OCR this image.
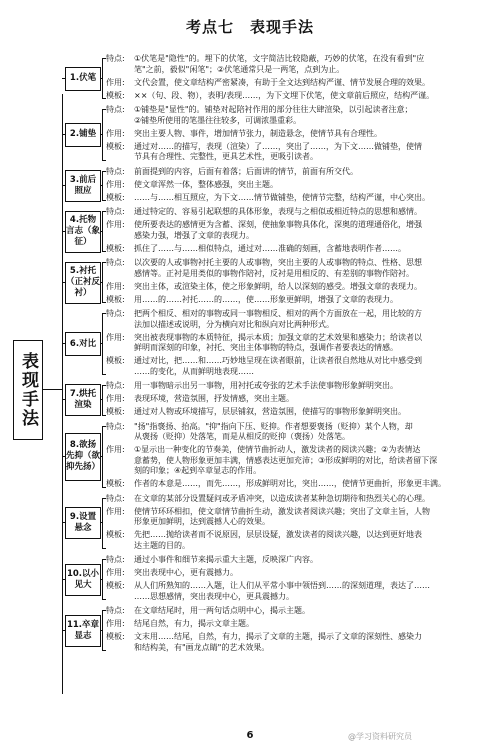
考点七　表现手法
表现手法
1.伏笔
特点 : ①伏笔是"隐性"的。埋下的伏笔，文字简洁比较隐蔽，巧妙的伏笔，在没有看到"应
笔"之前，毅似"闲笔"；②伏笔通常只是一两笔，点到为止。
作用 : 文代会置，使文章结构严密紧凑，有助于全文达到结构严谨、情节发展合理的效果。
模板 : ××（句、段、物），表明/表现……，为下文埋下伏笔，使文章前后照应，结构严谨。
2.铺垫
特点 : ①铺垫是"显性"的。铺垫对起陪衬作用的部分往往大肆渲染，以引起读者注意；
②铺垫所使用的笔墨往往较多，可调浓墨重彩。
作用 : 突出主要人物、事件，增加情节张力，制造悬念，使情节具有合理性。
模板 : 通过对……的描写，表现（渲染）了……，突出了……，为下文……做铺垫，使情
节具有合理性、完整性，更具艺术性，更吸引读者。
3.前后照应
特点 : 前面提到的内容，后面有着落；后面讲的情节，前面有所交代。
作用 : 使文章浑然一体，整体感强，突出主题。
模板 : ……与……相互照应，为下文……情节做铺垫，使情节完整，结构严谨，中心突出。
4.托物言志（象征）
特点 : 通过特定的、容易引起联想的具体形象，表现与之相似或相近特点的思想和感情。
作用 : 使所要表达的感情更为含蓄、深刻，使抽象事物具体化，深奥的道理通俗化，增强
感染力强，增强了文章的表现力。
模板 : 抓住了……与……相似特点，通过对……准确的刻画，含蓄地表明作者……。
5.衬托（正衬反衬）
特点 : 以次要的人或事物衬托主要的人或事物，突出主要的人或事物的特点、性格、思想
感情等。正衬是用类似的事物作陪衬，反衬是用相反的、有差别的事物作陪衬。
作用 : 突出主体，或渲染主体，使之形象鲜明，给人以深刻的感受。增强文章的表现力。
模板 : 用……的……衬托……的……，使……形象更鲜明，增强了文章的表现力。
6.对比
特点 : 把两个相反、相对的事物或同一事物相反、相对的两个方面放在一起，用比较的方
法加以描述或说明，分为横向对比和纵向对比两种形式。
作用 : 突出被表现事物的本质特征，揭示本质；加强文章的艺术效果和感染力；给读者以
鲜明而深刻的印象，衬托、突出主体事物的特点，强调作者要表达的情感。
模板 : 通过对比，把……和……巧妙地呈现在读者眼前，让读者很自然地从对比中感受到
……的变化，从而鲜明地表现……
7.烘托渲染
特点 : 用一事物暗示出另一事物，用衬托或夸张的艺术手法使事物形象鲜明突出。
作用 : 表现环境，营造氛围，抒发情感，突出主题。
模板 : 通过对人物或环境描写，层层铺叙，营造氛围，使描写的事物形象鲜明突出。
8.欲扬先抑（欲抑先扬）
特点 : "扬"指褒扬、抬高。"抑"指向下压、贬抑。作者想要褒扬（贬抑）某个人物，却
从褒扬（贬抑）处落笔，而是从相反的贬抑（褒扬）处落笔。
作用 : ①显示出一种变化的节奏美，使情节曲折动人，激发读者的阅读兴趣；②为表情达
意蓄势，使人物形象更加丰满，情感表达更加充沛；③形成鲜明的对比，给读者留下深
刻的印象；④起到卒章显志的作用。
模板 : 作者的本意是……，而先……，形成鲜明对比，突出……，使情节更曲折，形象更丰满。
9.设置悬念
特点 : 在文章的某部分设置疑问或矛盾冲突，以造成读者某种急切期待和热烈关心的心理。
作用 : 使情节环环相扣，使文章情节曲折生动，激发读者阅读兴趣；突出了文章主旨，人物
形象更加鲜明，达到震撼人心的效果。
模板 : 先把……抛给读者而不说原因，层层设疑，激发读者的阅读兴趣，以达到更好地表
达主题的目的。
10.以小见大
特点 : 通过小事件和细节来揭示重大主题，反映深广内容。
作用 : 突出表现中心，更有震撼力。
模板 : 从人们所熟知的……入题，让人们从平常小事中领悟到……的深刻道理，表达了……
……思想感情，突出表现中心，更具震撼力。
11.卒章显志
特点 : 在文章结尾时，用一两句话点明中心，揭示主题。
作用 : 结尾自然，有力，揭示文章主题。
模板 : 文末用……结尾，自然，有力，揭示了文章的主题，揭示了文章的深刻性、感染力
和结构美，有"画龙点睛"的艺术效果。
6	@学习资料研究员
